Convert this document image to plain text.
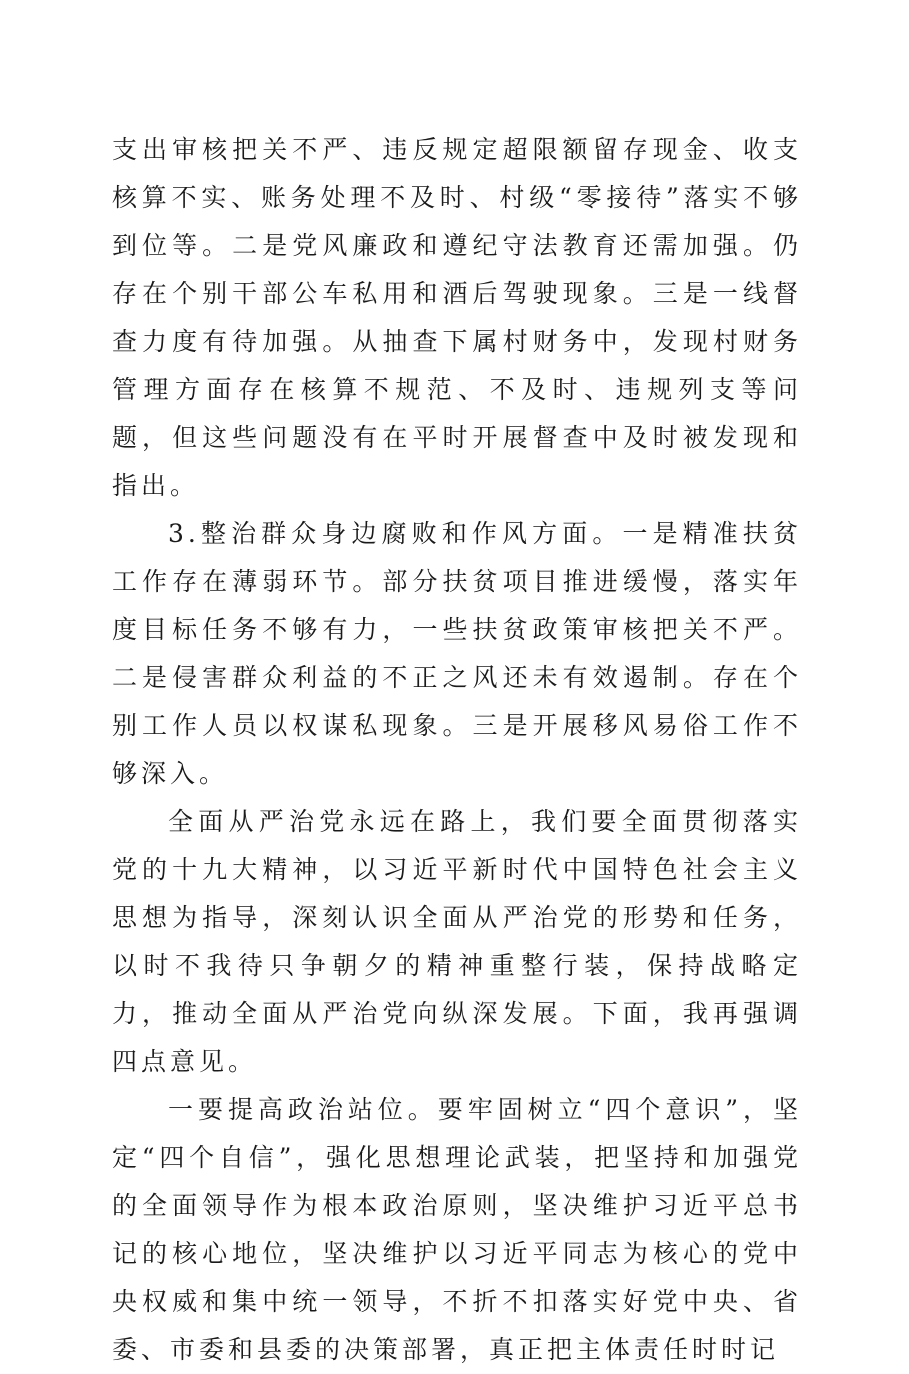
支出审核把关不严、违反规定超限额留存现金、收支核算不实、账务处理不及时、村级“零接待”落实不够到位等。二是党风廉政和遵纪守法教育还需加强。仍存在个别干部公车私用和酒后驾驶现象。三是一线督查力度有待加强。从抽查下属村财务中，发现村财务管理方面存在核算不规范、不及时、违规列支等问题，但这些问题没有在平时开展督查中及时被发现和指出。

3.整治群众身边腐败和作风方面。一是精准扶贫工作存在薄弱环节。部分扶贫项目推进缓慢，落实年度目标任务不够有力，一些扶贫政策审核把关不严。二是侵害群众利益的不正之风还未有效遏制。存在个别工作人员以权谋私现象。三是开展移风易俗工作不够深入。

全面从严治党永远在路上，我们要全面贯彻落实党的十九大精神，以习近平新时代中国特色社会主义思想为指导，深刻认识全面从严治党的形势和任务，以时不我待只争朝夕的精神重整行装，保持战略定力，推动全面从严治党向纵深发展。下面，我再强调四点意见。

一要提高政治站位。要牢固树立“四个意识”，坚定“四个自信”，强化思想理论武装，把坚持和加强党的全面领导作为根本政治原则，坚决维护习近平总书记的核心地位，坚决维护以习近平同志为核心的党中央权威和集中统一领导，不折不扣落实好党中央、省委、市委和县委的决策部署，真正把主体责任时时记
